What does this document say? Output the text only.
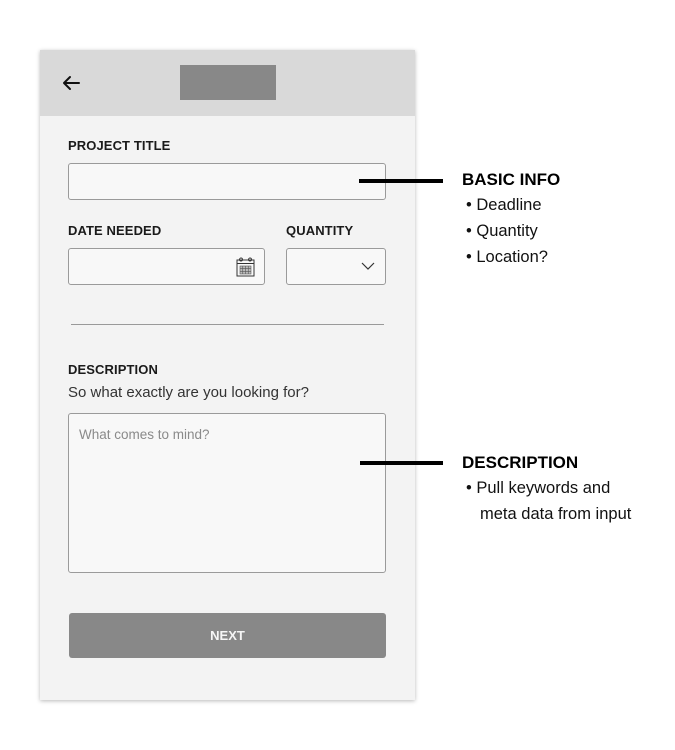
PROJECT TITLE
DATE NEEDED	QUANTITY
DESCRIPTION
So what exactly are you looking for?
What comes to mind?
NEXT
BASIC INFO
• Deadline
• Quantity
• Location?
DESCRIPTION
• Pull keywords and
meta data from input
